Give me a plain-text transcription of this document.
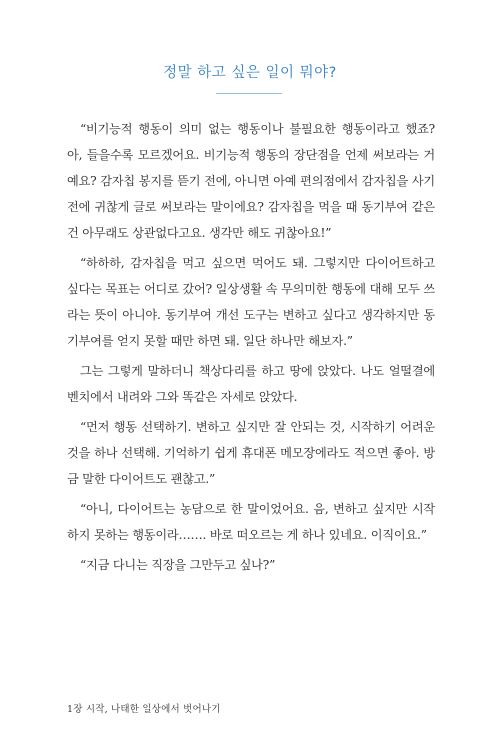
정말 하고 싶은 일이 뭐야?

“비기능적 행동이 의미 없는 행동이나 불필요한 행동이라고 했죠? 아, 들을수록 모르겠어요. 비기능적 행동의 장단점을 언제 써보라는 거예요? 감자칩 봉지를 뜯기 전에, 아니면 아예 편의점에서 감자칩을 사기 전에 귀찮게 글로 써보라는 말이에요? 감자칩을 먹을 때 동기부여 같은 건 아무래도 상관없다고요. 생각만 해도 귀찮아요!”

“하하하, 감자칩을 먹고 싶으면 먹어도 돼. 그렇지만 다이어트하고 싶다는 목표는 어디로 갔어? 일상생활 속 무의미한 행동에 대해 모두 쓰라는 뜻이 아니야. 동기부여 개선 도구는 변하고 싶다고 생각하지만 동기부여를 얻지 못할 때만 하면 돼. 일단 하나만 해보자.”

그는 그렇게 말하더니 책상다리를 하고 땅에 앉았다. 나도 얼떨결에 벤치에서 내려와 그와 똑같은 자세로 앉았다.

“먼저 행동 선택하기. 변하고 싶지만 잘 안되는 것, 시작하기 어려운 것을 하나 선택해. 기억하기 쉽게 휴대폰 메모장에라도 적으면 좋아. 방금 말한 다이어트도 괜찮고.”

“아니, 다이어트는 농담으로 한 말이었어요. 음, 변하고 싶지만 시작하지 못하는 행동이라……. 바로 떠오르는 게 하나 있네요. 이직이요.”

“지금 다니는 직장을 그만두고 싶나?”

1장 시작, 나태한 일상에서 벗어나기
